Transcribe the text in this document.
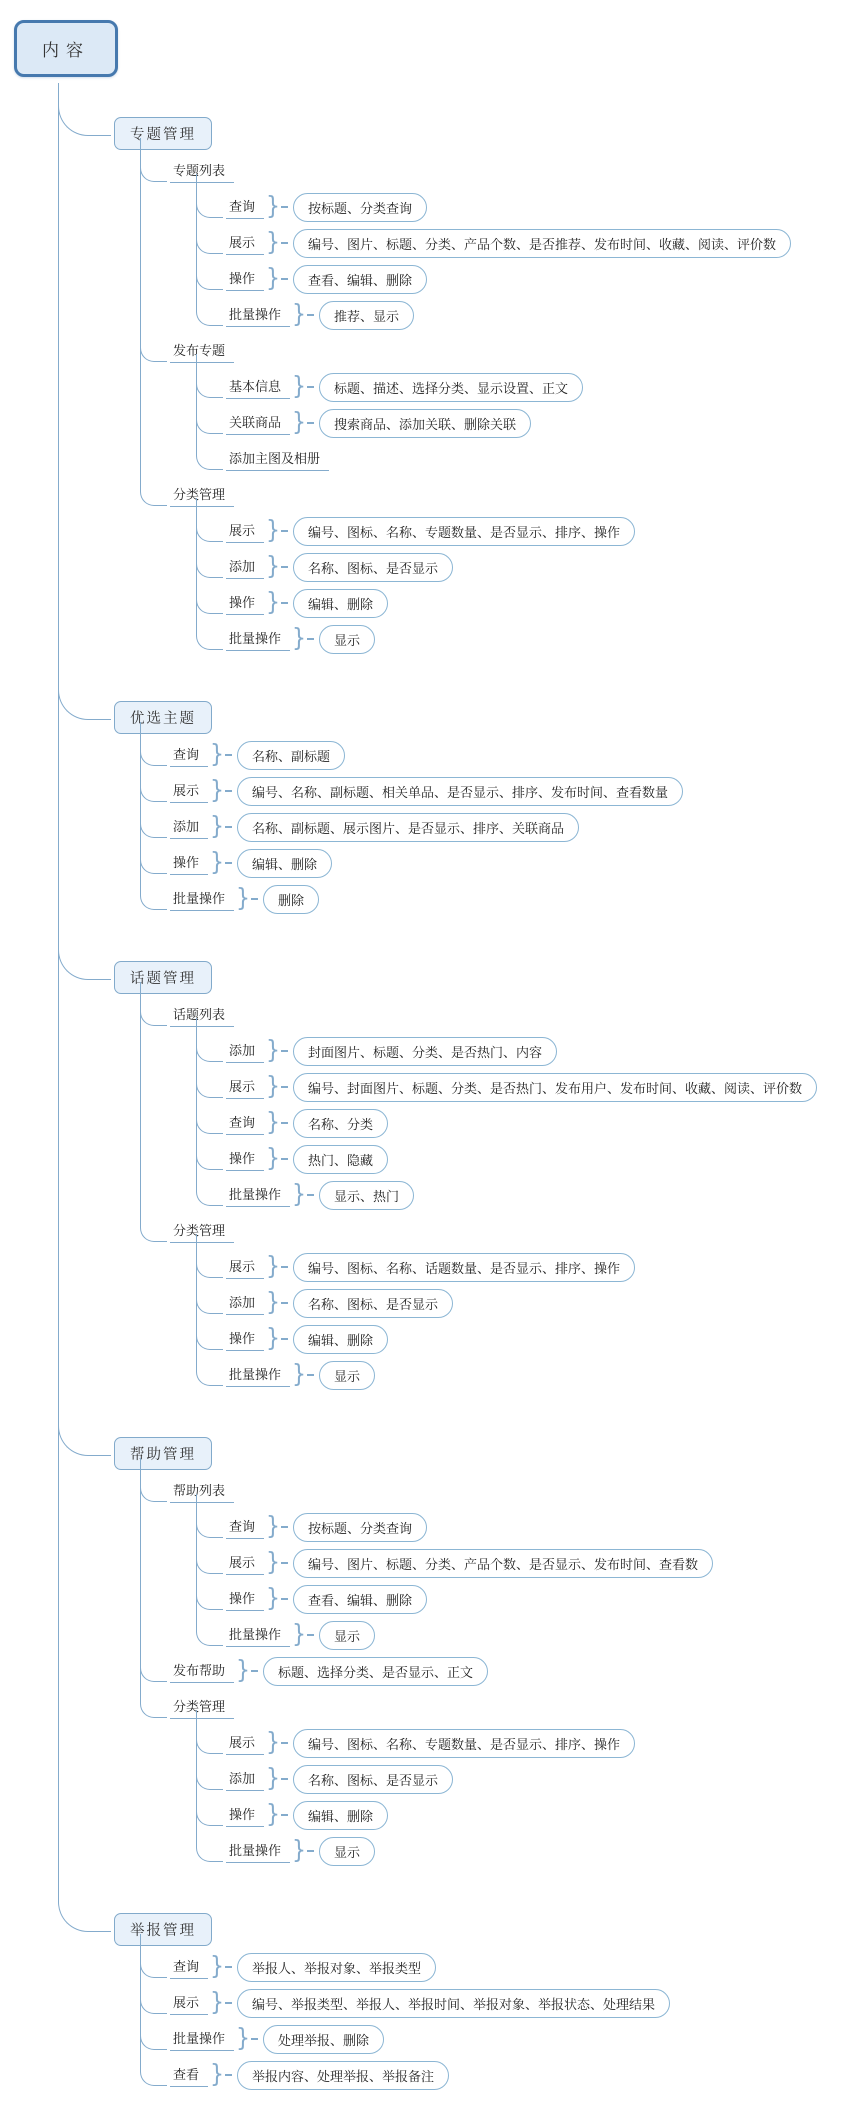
内容
专题管理
专题列表
查询 }	按标题、分类查询
展示 }	编号、图片、标题、分类、产品个数、是否推荐、发布时间、收藏、阅读、评价数
操作 }	查看、编辑、删除
批量操作 }	推荐、显示
发布专题
基本信息 }	标题、描述、选择分类、显示设置、正文
关联商品 }	搜索商品、添加关联、删除关联
添加主图及相册
分类管理
展示 }	编号、图标、名称、专题数量、是否显示、排序、操作
添加 }	名称、图标、是否显示
操作 }	编辑、删除
批量操作 }	显示
优选主题
查询 }	名称、副标题
展示 }	编号、名称、副标题、相关单品、是否显示、排序、发布时间、查看数量
添加 }	名称、副标题、展示图片、是否显示、排序、关联商品
操作 }	编辑、删除
批量操作 }	删除
话题管理
话题列表
添加 }	封面图片、标题、分类、是否热门、内容
展示 }	编号、封面图片、标题、分类、是否热门、发布用户、发布时间、收藏、阅读、评价数
查询 }	名称、分类
操作 }	热门、隐藏
批量操作 }	显示、热门
分类管理
展示 }	编号、图标、名称、话题数量、是否显示、排序、操作
添加 }	名称、图标、是否显示
操作 }	编辑、删除
批量操作 }	显示
帮助管理
帮助列表
查询 }	按标题、分类查询
展示 }	编号、图片、标题、分类、产品个数、是否显示、发布时间、查看数
操作 }	查看、编辑、删除
批量操作 }	显示
发布帮助 }	标题、选择分类、是否显示、正文
分类管理
展示 }	编号、图标、名称、专题数量、是否显示、排序、操作
添加 }	名称、图标、是否显示
操作 }	编辑、删除
批量操作 }	显示
举报管理
查询 }	举报人、举报对象、举报类型
展示 }	编号、举报类型、举报人、举报时间、举报对象、举报状态、处理结果
批量操作 }	处理举报、删除
查看 }	举报内容、处理举报、举报备注
